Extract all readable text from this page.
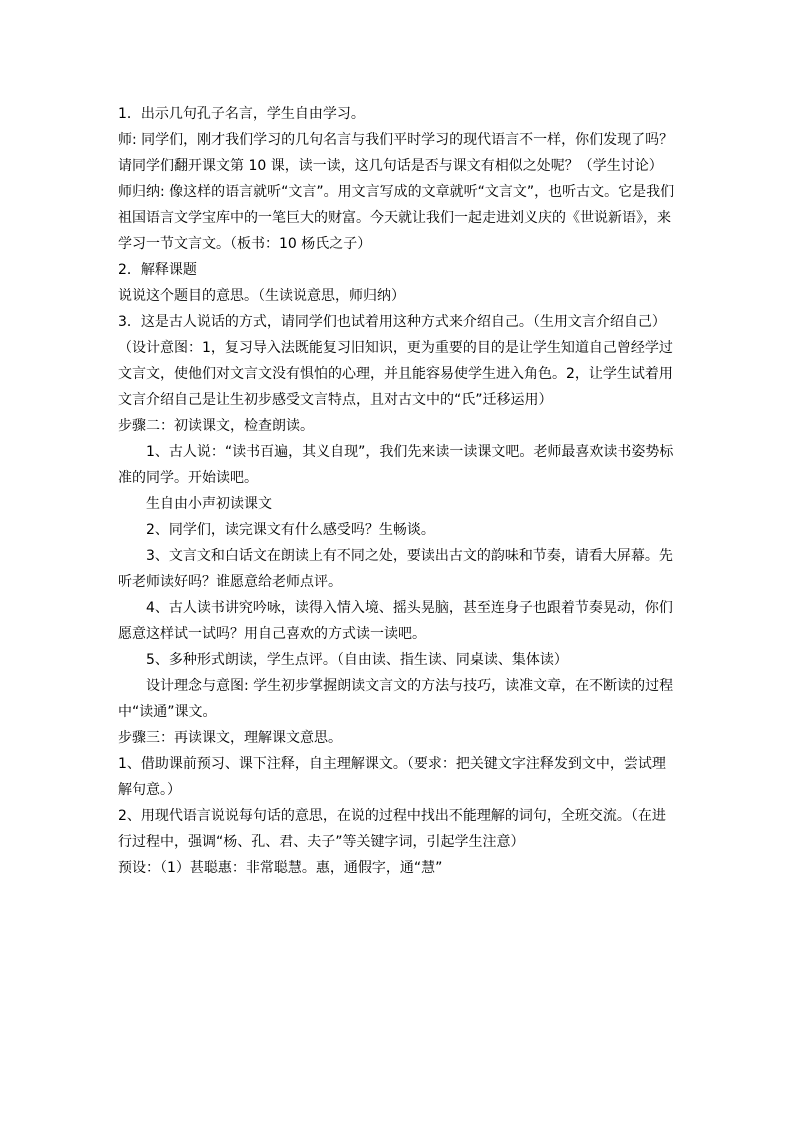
1．出示几句孔子名言，学生自由学习。

师: 同学们，刚才我们学习的几句名言与我们平时学习的现代语言不一样，你们发现了吗？请同学们翻开课文第 10 课，读一读，这几句话是否与课文有相似之处呢？（学生讨论）

师归纳: 像这样的语言就听“文言”。用文言写成的文章就听“文言文”，也听古文。它是我们祖国语言文学宝库中的一笔巨大的财富。今天就让我们一起走进刘义庆的《世说新语》，来学习一节文言文。（板书：10 杨氏之子）

2．解释课题

说说这个题目的意思。（生读说意思，师归纳）

3．这是古人说话的方式，请同学们也试着用这种方式来介绍自己。（生用文言介绍自己）

（设计意图：1，复习导入法既能复习旧知识，更为重要的目的是让学生知道自己曾经学过文言文，使他们对文言文没有惧怕的心理，并且能容易使学生进入角色。2，让学生试着用文言介绍自己是让生初步感受文言特点，且对古文中的“氏”迁移运用）

步骤二：初读课文，检查朗读。

1、古人说：“读书百遍，其义自现”，我们先来读一读课文吧。老师最喜欢读书姿势标准的同学。开始读吧。

生自由小声初读课文

2、同学们，读完课文有什么感受吗？生畅谈。

3、文言文和白话文在朗读上有不同之处，要读出古文的韵味和节奏，请看大屏幕。先听老师读好吗？谁愿意给老师点评。

4、古人读书讲究吟咏，读得入情入境、摇头晃脑，甚至连身子也跟着节奏晃动，你们愿意这样试一试吗？用自己喜欢的方式读一读吧。

5、多种形式朗读，学生点评。（自由读、指生读、同桌读、集体读）

设计理念与意图: 学生初步掌握朗读文言文的方法与技巧，读准文章，在不断读的过程中“读通”课文。

步骤三：再读课文，理解课文意思。

1、借助课前预习、课下注释，自主理解课文。（要求：把关键文字注释发到文中，尝试理解句意。）

2、用现代语言说说每句话的意思，在说的过程中找出不能理解的词句，全班交流。（在进行过程中，强调“杨、孔、君、夫子”等关键字词，引起学生注意）

预设：（1）甚聪惠：非常聪慧。惠，通假字，通“慧”
